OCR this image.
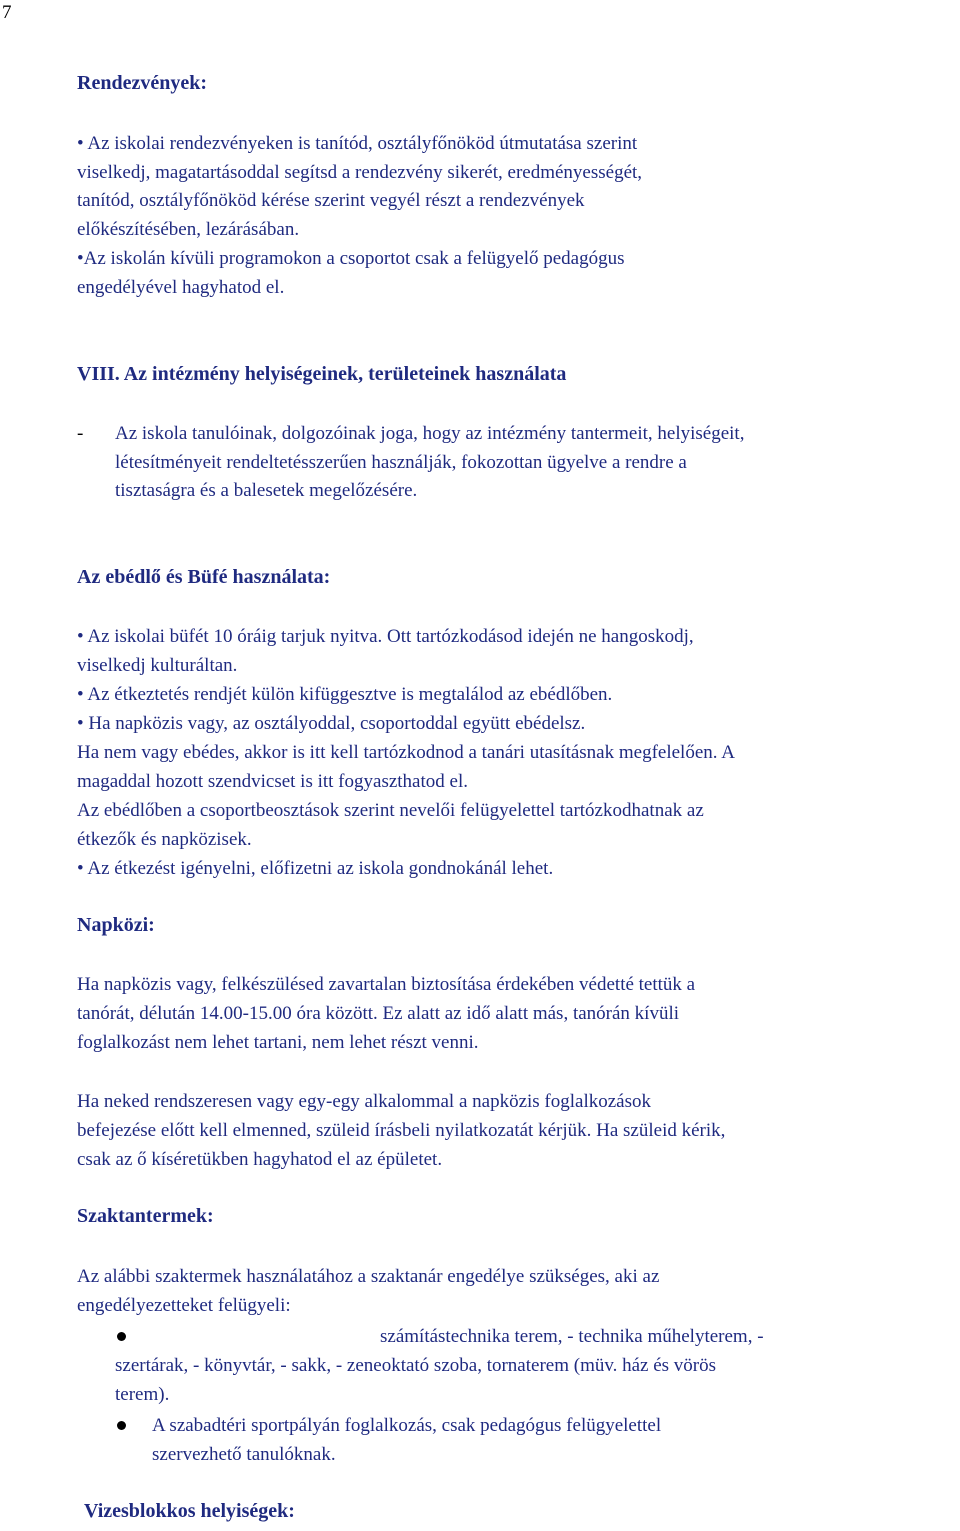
7
Rendezvények:
• Az iskolai rendezvényeken is tanítód, osztályfőnököd útmutatása szerint
viselkedj, magatartásoddal segítsd a rendezvény sikerét, eredményességét,
tanítód, osztályfőnököd kérése szerint vegyél részt a rendezvények
előkészítésében, lezárásában.
•Az iskolán kívüli programokon a csoportot csak a felügyelő pedagógus
engedélyével hagyhatod el.
VIII. Az intézmény helyiségeinek, területeinek használata
- Az iskola tanulóinak, dolgozóinak joga, hogy az intézmény tantermeit, helyiségeit,
létesítményeit rendeltetésszerűen használják, fokozottan ügyelve a rendre a
tisztaságra és a balesetek megelőzésére.
Az ebédlő és Büfé használata:
• Az iskolai büfét 10 óráig tarjuk nyitva. Ott tartózkodásod idején ne hangoskodj,
viselkedj kulturáltan.
• Az étkeztetés rendjét külön kifüggesztve is megtalálod az ebédlőben.
• Ha napközis vagy, az osztályoddal, csoportoddal együtt ebédelsz.
Ha nem vagy ebédes, akkor is itt kell tartózkodnod a tanári utasításnak megfelelően. A
magaddal hozott szendvicset is itt fogyaszthatod el.
Az ebédlőben a csoportbeosztások szerint nevelői felügyelettel tartózkodhatnak az
étkezők és napközisek.
• Az étkezést igényelni, előfizetni az iskola gondnokánál lehet.
Napközi:
Ha napközis vagy, felkészülésed zavartalan biztosítása érdekében védetté tettük a
tanórát, délután 14.00-15.00 óra között. Ez alatt az idő alatt más, tanórán kívüli
foglalkozást nem lehet tartani, nem lehet részt venni.
Ha neked rendszeresen vagy egy-egy alkalommal a napközis foglalkozások
befejezése előtt kell elmenned, szüleid írásbeli nyilatkozatát kérjük. Ha szüleid kérik,
csak az ő kíséretükben hagyhatod el az épületet.
Szaktantermek:
Az alábbi szaktermek használatához a szaktanár engedélye szükséges, aki az
engedélyezetteket felügyeli:
számítástechnika terem, - technika műhelyterem, -
szertárak, - könyvtár, - sakk, - zeneoktató szoba, tornaterem (müv. ház és vörös
terem).
A szabadtéri sportpályán foglalkozás, csak pedagógus felügyelettel
szervezhető tanulóknak.
Vizesblokkos helyiségek:
